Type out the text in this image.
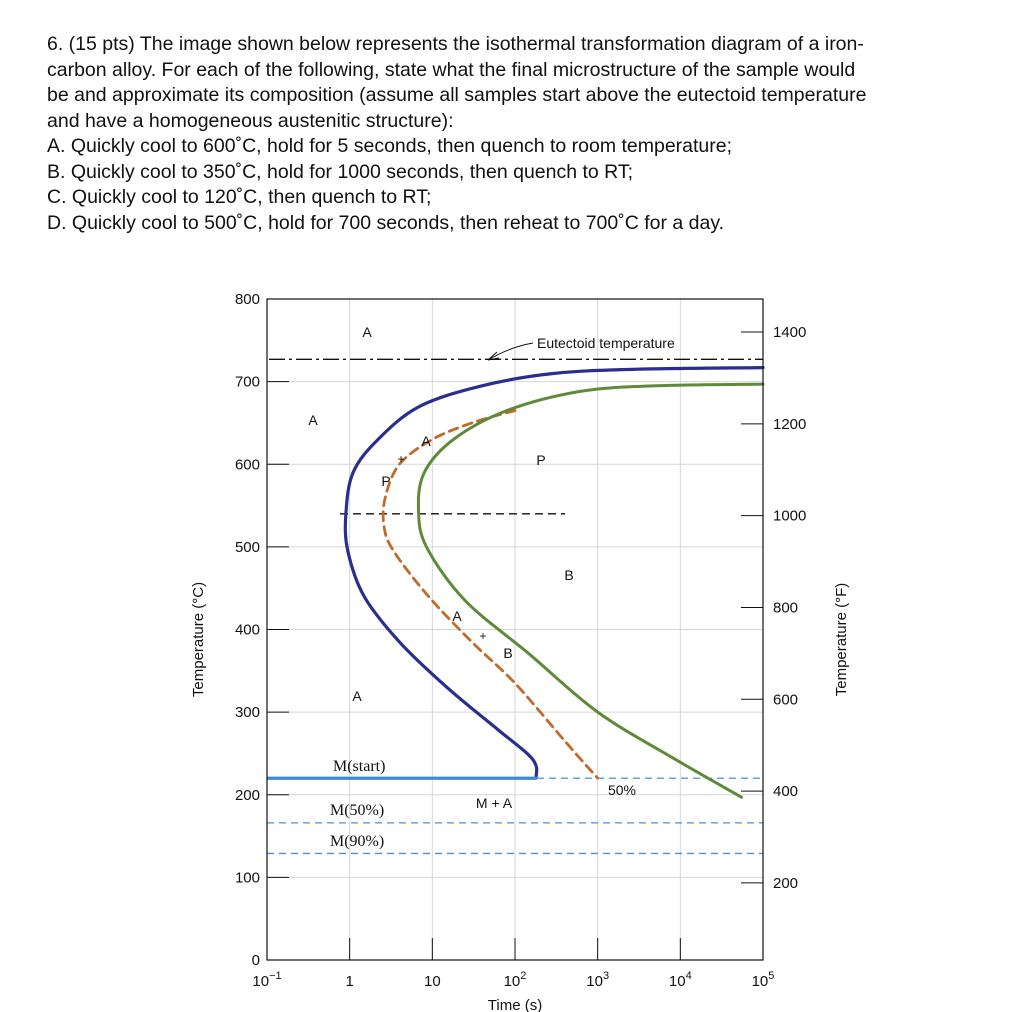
6. (15 pts) The image shown below represents the isothermal transformation diagram of a iron-

carbon alloy. For each of the following, state what the final microstructure of the sample would

be and approximate its composition (assume all samples start above the eutectoid temperature

and have a homogeneous austenitic structure):

A. Quickly cool to 600˚C, hold for 5 seconds, then quench to room temperature;

B. Quickly cool to 350˚C, hold for 1000 seconds, then quench to RT;

C. Quickly cool to 120˚C, then quench to RT;

D. Quickly cool to 500˚C, hold for 700 seconds, then reheat to 700˚C for a day.

0
100
200
300
400
500
600
700
800
200
400
600
800
1000
1200
1400
$10^{-1}$	1	10	$10^2$	$10^3$	$10^4$	$10^5$
Time (s)
Temperature (°C)	Temperature (°F)
A
A
A
+
P
P
B
A
+
B
A
M(start)
M + A
M(50%)
M(90%)
50%
Eutectoid temperature
